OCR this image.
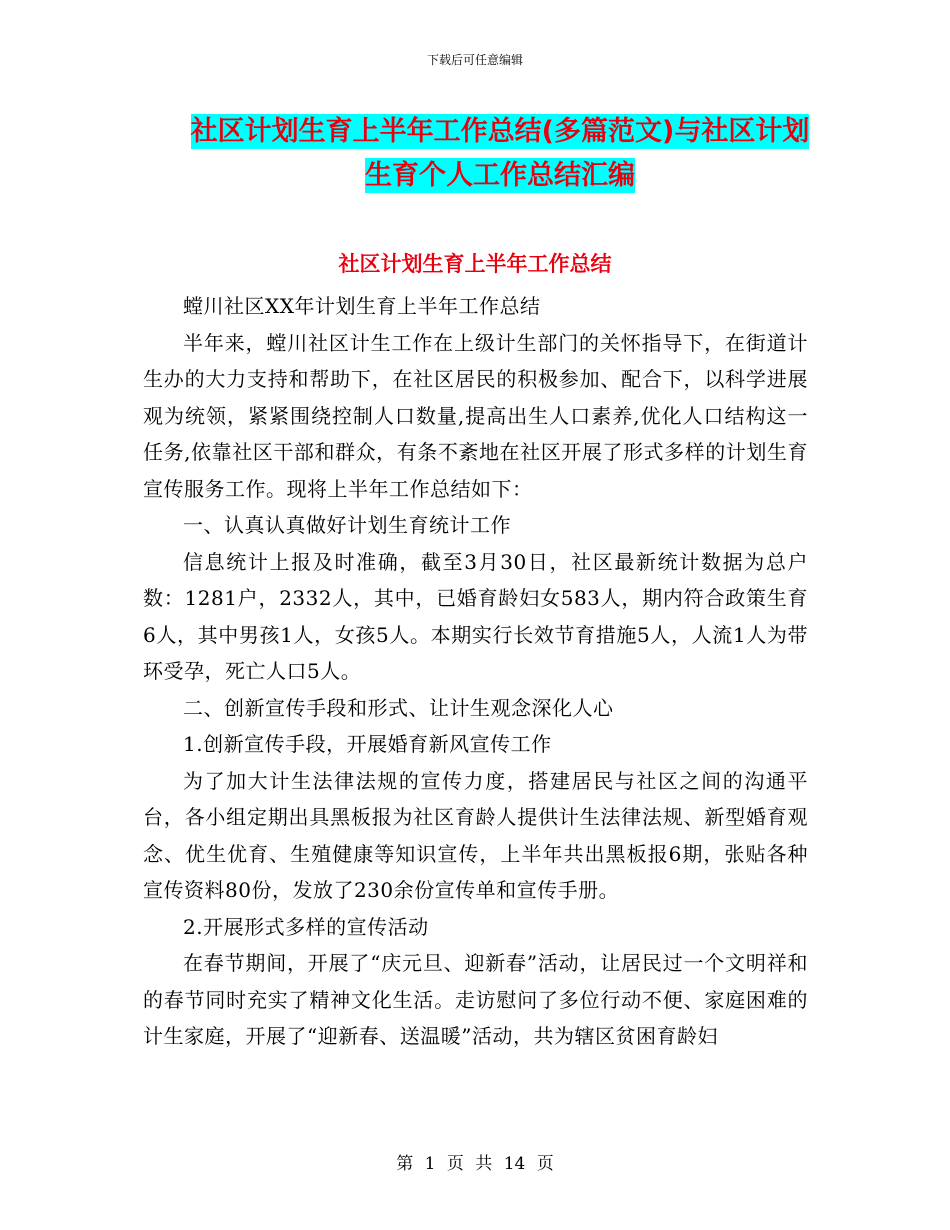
下载后可任意编辑
社区计划生育上半年工作总结(多篇范文)与社区计划生育个人工作总结汇编
社区计划生育上半年工作总结

螳川社区XX年计划生育上半年工作总结

半年来，螳川社区计生工作在上级计生部门的关怀指导下，在街道计生办的大力支持和帮助下，在社区居民的积极参加、配合下，以科学进展观为统领，紧紧围绕控制人口数量,提高出生人口素养,优化人口结构这一任务,依靠社区干部和群众，有条不紊地在社区开展了形式多样的计划生育宣传服务工作。现将上半年工作总结如下：

一、认真认真做好计划生育统计工作

信息统计上报及时准确，截至3月30日，社区最新统计数据为总户数：1281户，2332人，其中，已婚育龄妇女583人，期内符合政策生育6人，其中男孩1人，女孩5人。本期实行长效节育措施5人，人流1人为带环受孕，死亡人口5人。

二、创新宣传手段和形式、让计生观念深化人心

1.创新宣传手段，开展婚育新风宣传工作

为了加大计生法律法规的宣传力度，搭建居民与社区之间的沟通平台，各小组定期出具黑板报为社区育龄人提供计生法律法规、新型婚育观念、优生优育、生殖健康等知识宣传，上半年共出黑板报6期，张贴各种宣传资料80份，发放了230余份宣传单和宣传手册。

2.开展形式多样的宣传活动

在春节期间，开展了“庆元旦、迎新春”活动，让居民过一个文明祥和的春节同时充实了精神文化生活。走访慰问了多位行动不便、家庭困难的计生家庭，开展了“迎新春、送温暖”活动，共为辖区贫困育龄妇

第 1 页 共 14 页
